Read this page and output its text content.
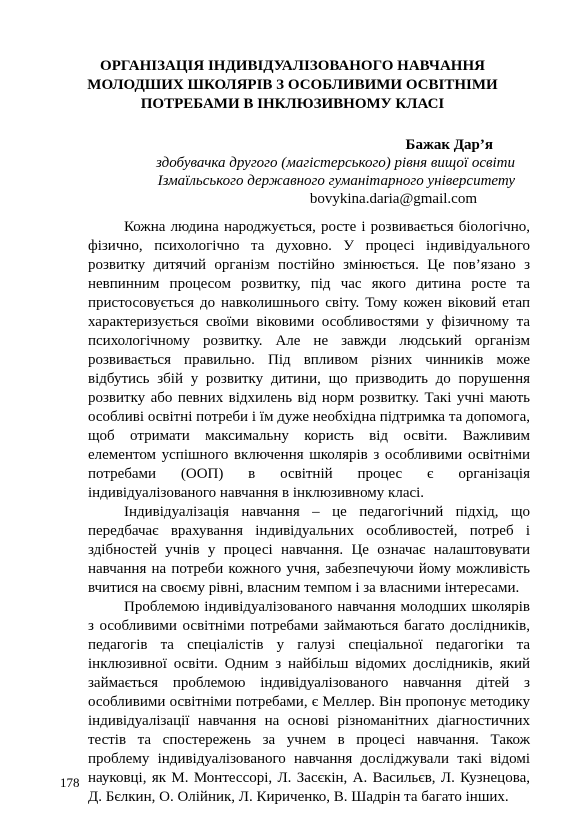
ОРГАНІЗАЦІЯ ІНДИВІДУАЛІЗОВАНОГО НАВЧАННЯ
МОЛОДШИХ ШКОЛЯРІВ З ОСОБЛИВИМИ ОСВІТНІМИ
ПОТРЕБАМИ В ІНКЛЮЗИВНОМУ КЛАСІ
Бажак Дар’я
здобувачка другого (магістерського) рівня вищої освіти
Ізмаїльського державного гуманітарного університету
bovykina.daria@gmail.com

Кожна людина народжується, росте і розвивається біологічно, фізично, психологічно та духовно. У процесі індивідуального розвитку дитячий організм постійно змінюється. Це пов’язано з невпинним процесом розвитку, під час якого дитина росте та пристосовується до навколишнього світу. Тому кожен віковий етап характеризується своїми віковими особливостями у фізичному та психологічному розвитку. Але не завжди людський організм розвивається правильно. Під впливом різних чинників може відбутись збій у розвитку дитини, що призводить до порушення розвитку або певних відхилень від норм розвитку. Такі учні мають особливі освітні потреби і їм дуже необхідна підтримка та допомога, щоб отримати максимальну користь від освіти. Важливим елементом успішного включення школярів з особливими освітніми потребами (ООП) в освітній процес є організація індивідуалізованого навчання в інклюзивному класі.

Індивідуалізація навчання – це педагогічний підхід, що передбачає врахування індивідуальних особливостей, потреб і здібностей учнів у процесі навчання. Це означає налаштовувати навчання на потреби кожного учня, забезпечуючи йому можливість вчитися на своєму рівні, власним темпом і за власними інтересами.

Проблемою індивідуалізованого навчання молодших школярів з особливими освітніми потребами займаються багато дослідників, педагогів та спеціалістів у галузі спеціальної педагогіки та інклюзивної освіти. Одним з найбільш відомих дослідників, який займається проблемою індивідуалізованого навчання дітей з особливими освітніми потребами, є Меллер. Він пропонує методику індивідуалізації навчання на основі різноманітних діагностичних тестів та спостережень за учнем в процесі навчання. Також проблему індивідуалізованого навчання досліджували такі відомі науковці, як М. Монтессорі, Л. Засєкін, А. Васильєв, Л. Кузнецова, Д. Бєлкин, О. Олійник, Л. Кириченко, В. Шадрін та багато інших.

178
